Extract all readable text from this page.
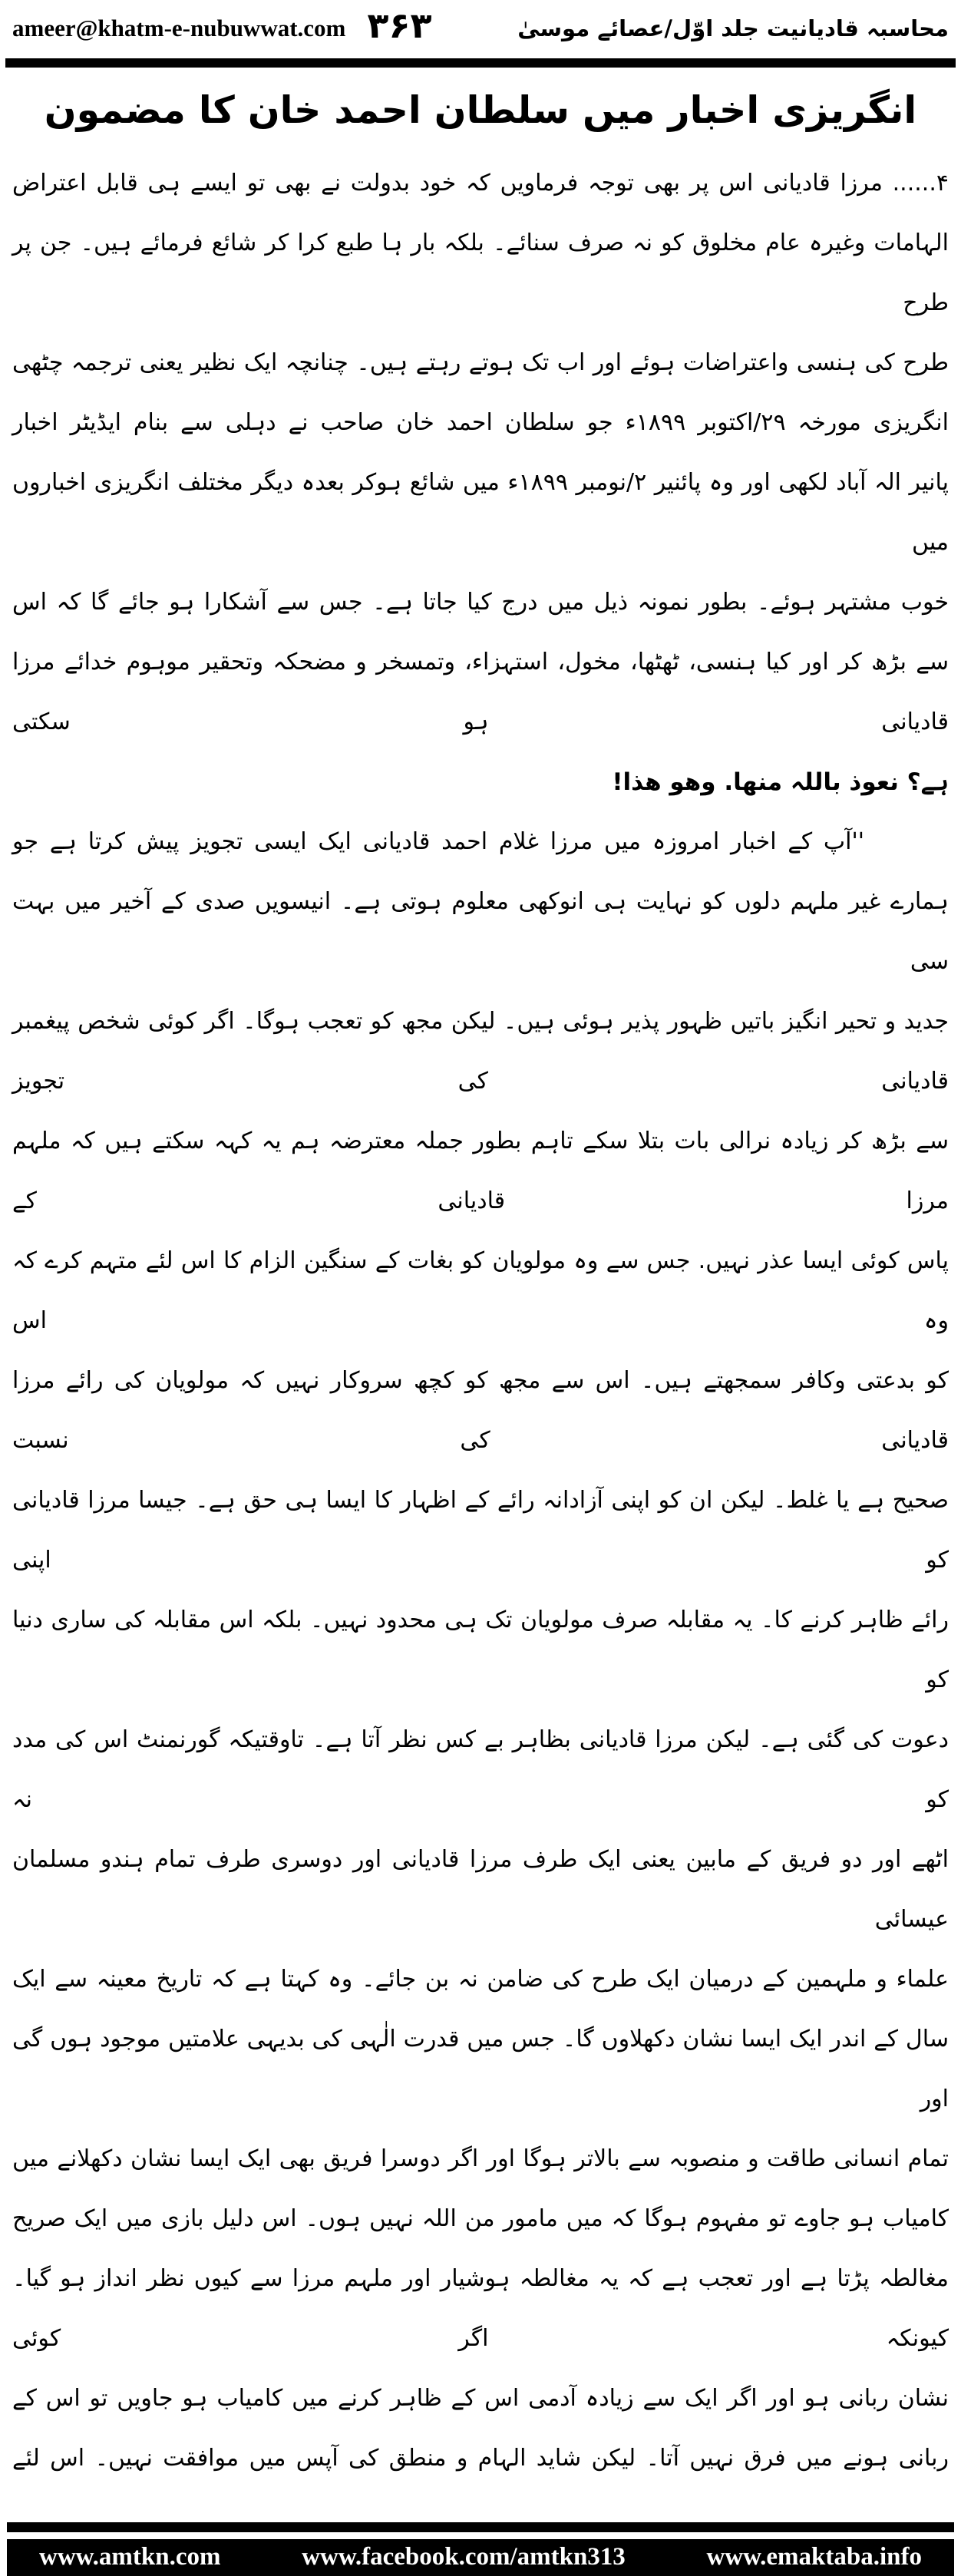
ameer@khatm-e-nubuwwat.com ۳۶۳	محاسبہ قادیانیت جلد اوّل/عصائے موسیٰ
انگریزی اخبار میں سلطان احمد خان کا مضمون
۴...... مرزا قادیانی اس پر بھی توجہ فرماویں کہ خود بدولت نے بھی تو ایسے ہی قابل اعتراض
الہامات وغیرہ عام مخلوق کو نہ صرف سنائے۔ بلکہ بار ہا طبع کرا کر شائع فرمائے ہیں۔ جن پر طرح
طرح کی ہنسی واعتراضات ہوئے اور اب تک ہوتے رہتے ہیں۔ چنانچہ ایک نظیر یعنی ترجمہ چٹھی
انگریزی مورخہ ۲۹/اکتوبر ۱۸۹۹ء جو سلطان احمد خان صاحب نے دہلی سے بنام ایڈیٹر اخبار
پانیر الہ آباد لکھی اور وہ پائنیر ۲/نومبر ۱۸۹۹ء میں شائع ہوکر بعدہ دیگر مختلف انگریزی اخباروں میں
خوب مشتہر ہوئے۔ بطور نمونہ ذیل میں درج کیا جاتا ہے۔ جس سے آشکارا ہو جائے گا کہ اس
سے بڑھ کر اور کیا ہنسی، ٹھٹھا، مخول، استہزاء، وتمسخر و مضحکہ وتحقیر موہوم خدائے مرزا قادیانی ہو سکتی
ہے؟ نعوذ باللہ منھا. وھو ھذا!
''آپ کے اخبار امروزہ میں مرزا غلام احمد قادیانی ایک ایسی تجویز پیش کرتا ہے جو
ہمارے غیر ملہم دلوں کو نہایت ہی انوکھی معلوم ہوتی ہے۔ انیسویں صدی کے آخیر میں بہت سی
جدید و تحیر انگیز باتیں ظہور پذیر ہوئی ہیں۔ لیکن مجھ کو تعجب ہوگا۔ اگر کوئی شخص پیغمبر قادیانی کی تجویز
سے بڑھ کر زیادہ نرالی بات بتلا سکے تاہم بطور جملہ معترضہ ہم یہ کہہ سکتے ہیں کہ ملہم مرزا قادیانی کے
پاس کوئی ایسا عذر نہیں. جس سے وہ مولویان کو بغات کے سنگین الزام کا اس لئے متہم کرے کہ وہ اس
کو بدعتی وکافر سمجھتے ہیں۔ اس سے مجھ کو کچھ سروکار نہیں کہ مولویان کی رائے مرزا قادیانی کی نسبت
صحیح ہے یا غلط۔ لیکن ان کو اپنی آزادانہ رائے کے اظہار کا ایسا ہی حق ہے۔ جیسا مرزا قادیانی کو اپنی
رائے ظاہر کرنے کا۔ یہ مقابلہ صرف مولویان تک ہی محدود نہیں۔ بلکہ اس مقابلہ کی ساری دنیا کو
دعوت کی گئی ہے۔ لیکن مرزا قادیانی بظاہر بے کس نظر آتا ہے۔ تاوقتیکہ گورنمنٹ اس کی مدد کو نہ
اٹھے اور دو فریق کے مابین یعنی ایک طرف مرزا قادیانی اور دوسری طرف تمام ہندو مسلمان عیسائی
علماء و ملہمین کے درمیان ایک طرح کی ضامن نہ بن جائے۔ وہ کہتا ہے کہ تاریخ معینہ سے ایک
سال کے اندر ایک ایسا نشان دکھلاوں گا۔ جس میں قدرت الٰہی کی بدیہی علامتیں موجود ہوں گی اور
تمام انسانی طاقت و منصوبہ سے بالاتر ہوگا اور اگر دوسرا فریق بھی ایک ایسا نشان دکھلانے میں
کامیاب ہو جاوے تو مفہوم ہوگا کہ میں مامور من اللہ نہیں ہوں۔ اس دلیل بازی میں ایک صریح
مغالطہ پڑتا ہے اور تعجب ہے کہ یہ مغالطہ ہوشیار اور ملہم مرزا سے کیوں نظر انداز ہو گیا۔ کیونکہ اگر کوئی
نشان ربانی ہو اور اگر ایک سے زیادہ آدمی اس کے ظاہر کرنے میں کامیاب ہو جاویں تو اس کے
ربانی ہونے میں فرق نہیں آتا۔ لیکن شاید الہام و منطق کی آپس میں موافقت نہیں۔ اس لئے
www.amtkn.com	www.facebook.com/amtkn313	www.emaktaba.info
